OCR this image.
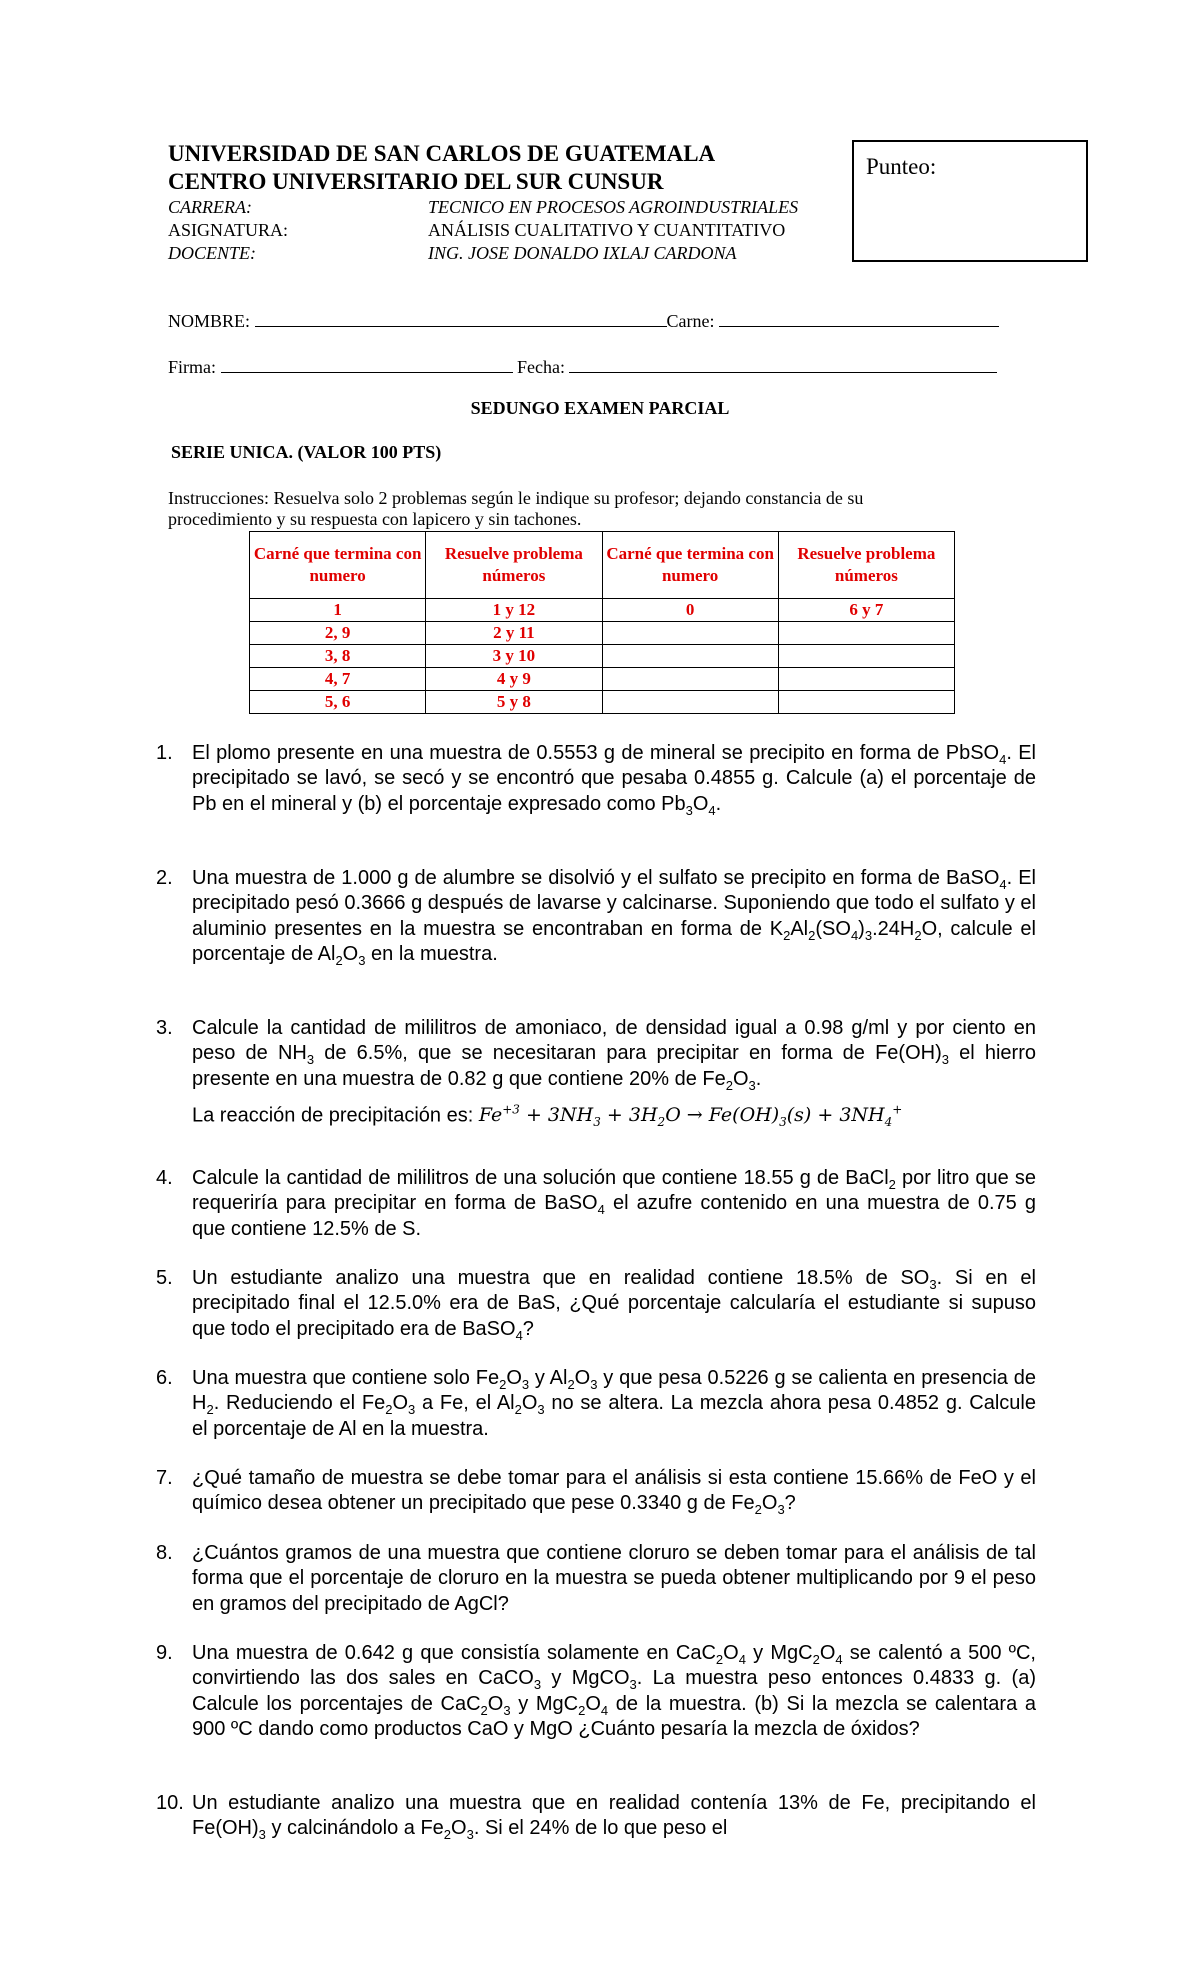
UNIVERSIDAD DE SAN CARLOS DE GUATEMALA
CENTRO UNIVERSITARIO DEL SUR CUNSUR
CARRERA:	TECNICO EN PROCESOS AGROINDUSTRIALES
ASIGNATURA:	ANÁLISIS CUALITATIVO Y CUANTITATIVO
DOCENTE:	ING. JOSE DONALDO IXLAJ CARDONA
Punteo:
NOMBRE:	Carne:
Firma:	Fecha:
SEDUNGO EXAMEN PARCIAL
SERIE UNICA. (VALOR 100 PTS)
Instrucciones: Resuelva solo 2 problemas según le indique su profesor; dejando constancia de su procedimiento y su respuesta con lapicero y sin tachones.
Carné que termina con numero	Resuelve problema números	Carné que termina con numero	Resuelve problema números
1	1 y 12	0	6 y 7
2, 9	2 y 11		
3, 8	3 y 10		
4, 7	4 y 9		
5, 6	5 y 8		
1. El plomo presente en una muestra de 0.5553 g de mineral se precipito en forma de PbSO$_4$. El precipitado se lavó, se secó y se encontró que pesaba 0.4855 g. Calcule (a) el porcentaje de Pb en el mineral y (b) el porcentaje expresado como $Pb_3O_4$.
2. Una muestra de 1.000 g de alumbre se disolvió y el sulfato se precipito en forma de BaSO$_4$. El precipitado pesó 0.3666 g después de lavarse y calcinarse. Suponiendo que todo el sulfato y el aluminio presentes en la muestra se encontraban en forma de $K_2Al_2(SO_4)_3.24H_2O$, calcule el porcentaje de $Al_2O_3$ en la muestra.
3. Calcule la cantidad de mililitros de amoniaco, de densidad igual a 0.98 g/ml y por ciento en peso de $NH_3$ de 6.5%, que se necesitaran para precipitar en forma de $Fe(OH)_3$ el hierro presente en una muestra de 0.82 g que contiene 20% de $Fe_2O_3$.
La reacción de precipitación es: $Fe^{+3} + 3NH_3 + 3H_2O \to Fe(OH)_3(s) + 3NH_4^+$
4. Calcule la cantidad de mililitros de una solución que contiene 18.55 g de BaCl$_2$ por litro que se requeriría para precipitar en forma de BaSO$_4$ el azufre contenido en una muestra de 0.75 g que contiene 12.5% de S.
5. Un estudiante analizo una muestra que en realidad contiene 18.5% de $SO_3$. Si en el precipitado final el 12.5.0% era de BaS, ¿Qué porcentaje calcularía el estudiante si supuso que todo el precipitado era de BaSO$_4$?
6. Una muestra que contiene solo $Fe_2O_3$ y $Al_2O_3$ y que pesa 0.5226 g se calienta en presencia de $H_2$. Reduciendo el $Fe_2O_3$ a Fe, el $Al_2O_3$ no se altera. La mezcla ahora pesa 0.4852 g. Calcule el porcentaje de Al en la muestra.
7. ¿Qué tamaño de muestra se debe tomar para el análisis si esta contiene 15.66% de FeO y el químico desea obtener un precipitado que pese 0.3340 g de $Fe_2O_3$?
8. ¿Cuántos gramos de una muestra que contiene cloruro se deben tomar para el análisis de tal forma que el porcentaje de cloruro en la muestra se pueda obtener multiplicando por 9 el peso en gramos del precipitado de AgCl?
9. Una muestra de 0.642 g que consistía solamente en $CaC_2O_4$ y $MgC_2O_4$ se calentó a 500 ºC, convirtiendo las dos sales en CaCO$_3$ y MgCO$_3$. La muestra peso entonces 0.4833 g. (a) Calcule los porcentajes de $CaC_2O_3$ y $MgC_2O_4$ de la muestra. (b) Si la mezcla se calentara a 900 ºC dando como productos CaO y MgO ¿Cuánto pesaría la mezcla de óxidos?
10. Un estudiante analizo una muestra que en realidad contenía 13% de Fe, precipitando el $Fe(OH)_3$ y calcinándolo a $Fe_2O_3$. Si el 24% de lo que peso el
